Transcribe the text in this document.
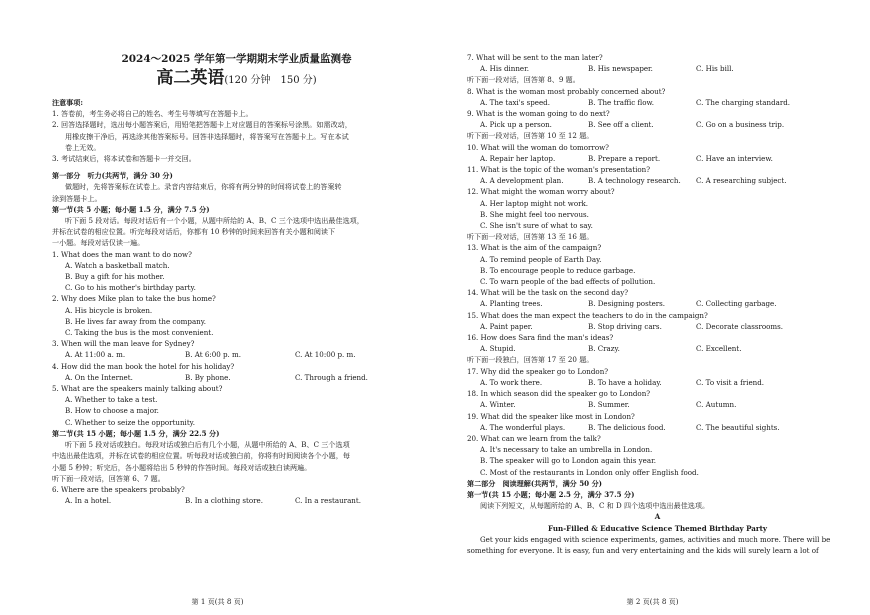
2024～2025 学年第一学期期末学业质量监测卷
高二英语(120 分钟　150 分)
注意事项:
1. 答卷前，考生务必将自己的姓名、考生号等填写在答题卡上。
2. 回答选择题时，选出每小题答案后，用铅笔把答题卡上对应题目的答案标号涂黑。如需改动，
用橡皮擦干净后，再选涂其他答案标号。回答非选择题时，将答案写在答题卡上。写在本试
卷上无效。
3. 考试结束后，将本试卷和答题卡一并交回。
第一部分　听力(共两节，满分 30 分)
做题时，先将答案标在试卷上。录音内容结束后，你将有两分钟的时间将试卷上的答案转
涂到答题卡上。
第一节(共 5 小题；每小题 1.5 分，满分 7.5 分)
听下面 5 段对话。每段对话后有一个小题，从题中所给的 A、B、C 三个选项中选出最佳选项，
并标在试卷的相应位置。听完每段对话后，你都有 10 秒钟的时间来回答有关小题和阅读下
一小题。每段对话仅读一遍。
1. What does the man want to do now?
A. Watch a basketball match.
B. Buy a gift for his mother.
C. Go to his mother's birthday party.
2. Why does Mike plan to take the bus home?
A. His bicycle is broken.
B. He lives far away from the company.
C. Taking the bus is the most convenient.
3. When will the man leave for Sydney?
A. At 11:00 a. m.	B. At 6:00 p. m.	C. At 10:00 p. m.
4. How did the man book the hotel for his holiday?
A. On the Internet.	B. By phone.	C. Through a friend.
5. What are the speakers mainly talking about?
A. Whether to take a test.
B. How to choose a major.
C. Whether to seize the opportunity.
第二节(共 15 小题；每小题 1.5 分，满分 22.5 分)
听下面 5 段对话或独白。每段对话或独白后有几个小题，从题中所给的 A、B、C 三个选项
中选出最佳选项，并标在试卷的相应位置。听每段对话或独白前，你将有时间阅读各个小题，每
小题 5 秒钟；听完后，各小题将给出 5 秒钟的作答时间。每段对话或独白读两遍。
听下面一段对话，回答第 6、7 题。
6. Where are the speakers probably?
A. In a hotel.	B. In a clothing store.	C. In a restaurant.
第 1 页(共 8 页)
7. What will be sent to the man later?
A. His dinner.	B. His newspaper.	C. His bill.
听下面一段对话，回答第 8、9 题。
8. What is the woman most probably concerned about?
A. The taxi's speed.	B. The traffic flow.	C. The charging standard.
9. What is the woman going to do next?
A. Pick up a person.	B. See off a client.	C. Go on a business trip.
听下面一段对话，回答第 10 至 12 题。
10. What will the woman do tomorrow?
A. Repair her laptop.	B. Prepare a report.	C. Have an interview.
11. What is the topic of the woman's presentation?
A. A development plan.	B. A technology research.	C. A researching subject.
12. What might the woman worry about?
A. Her laptop might not work.
B. She might feel too nervous.
C. She isn't sure of what to say.
听下面一段对话，回答第 13 至 16 题。
13. What is the aim of the campaign?
A. To remind people of Earth Day.
B. To encourage people to reduce garbage.
C. To warn people of the bad effects of pollution.
14. What will be the task on the second day?
A. Planting trees.	B. Designing posters.	C. Collecting garbage.
15. What does the man expect the teachers to do in the campaign?
A. Paint paper.	B. Stop driving cars.	C. Decorate classrooms.
16. How does Sara find the man's ideas?
A. Stupid.	B. Crazy.	C. Excellent.
听下面一段独白，回答第 17 至 20 题。
17. Why did the speaker go to London?
A. To work there.	B. To have a holiday.	C. To visit a friend.
18. In which season did the speaker go to London?
A. Winter.	B. Summer.	C. Autumn.
19. What did the speaker like most in London?
A. The wonderful plays.	B. The delicious food.	C. The beautiful sights.
20. What can we learn from the talk?
A. It's necessary to take an umbrella in London.
B. The speaker will go to London again this year.
C. Most of the restaurants in London only offer English food.
第二部分　阅读理解(共两节，满分 50 分)
第一节(共 15 小题；每小题 2.5 分，满分 37.5 分)
阅读下列短文，从每题所给的 A、B、C 和 D 四个选项中选出最佳选项。
A
Fun-Filled & Educative Science Themed Birthday Party
Get your kids engaged with science experiments, games, activities and much more. There will be
something for everyone. It is easy, fun and very entertaining and the kids will surely learn a lot of
第 2 页(共 8 页)
